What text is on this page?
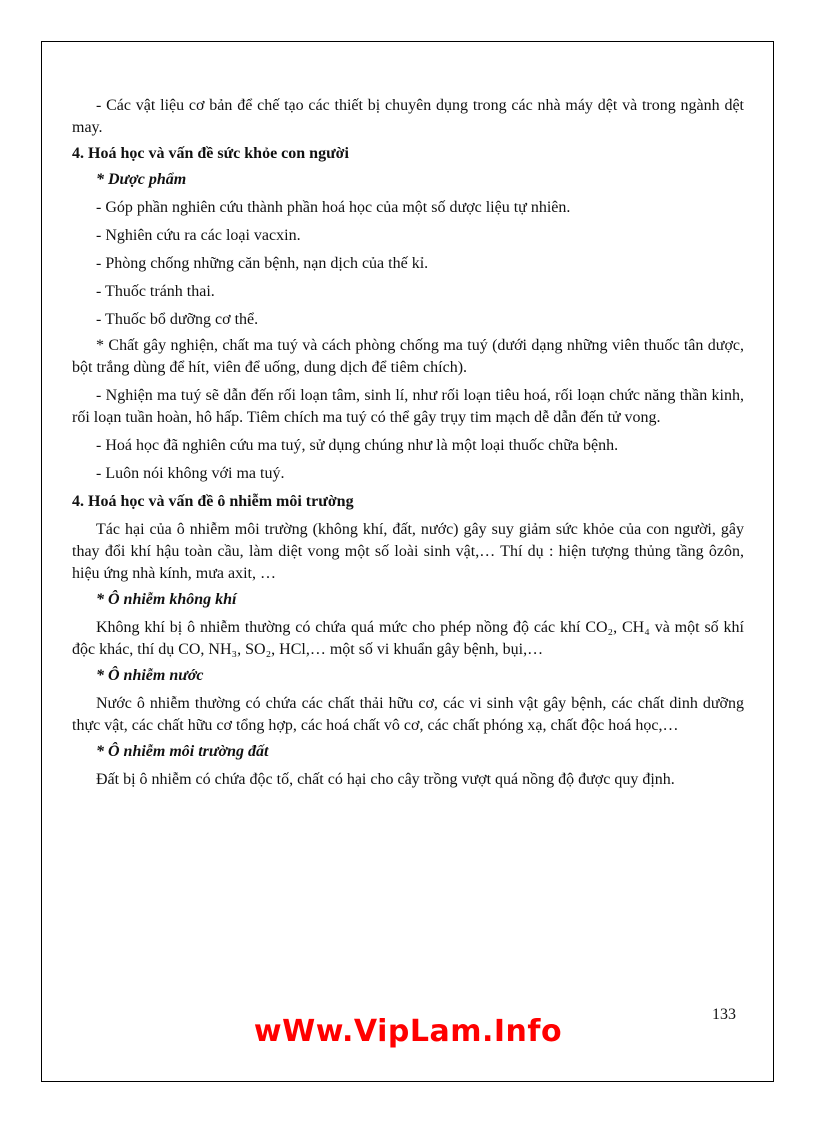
- Các vật liệu cơ bản để chế tạo các thiết bị chuyên dụng trong các nhà máy dệt và trong ngành dệt may.

4. Hoá học và vấn đề sức khỏe con người

* Dược phẩm

- Góp phần nghiên cứu thành phần hoá học của một số dược liệu tự nhiên.

- Nghiên cứu ra các loại vacxin.

- Phòng chống những căn bệnh, nạn dịch của thế kỉ.

- Thuốc tránh thai.

- Thuốc bổ dưỡng cơ thể.

* Chất gây nghiện, chất ma tuý và cách phòng chống ma tuý (dưới dạng những viên thuốc tân dược, bột trắng dùng để hít, viên để uống, dung dịch để tiêm chích).

- Nghiện ma tuý sẽ dẫn đến rối loạn tâm, sinh lí, như rối loạn tiêu hoá, rối loạn chức năng thần kinh, rối loạn tuần hoàn, hô hấp. Tiêm chích ma tuý có thể gây trụy tim mạch dễ dẫn đến tử vong.

- Hoá học đã nghiên cứu ma tuý, sử dụng chúng như là một loại thuốc chữa bệnh.

- Luôn nói không với ma tuý.

4. Hoá học và vấn đề ô nhiễm môi trường

Tác hại của ô nhiễm môi trường (không khí, đất, nước) gây suy giảm sức khỏe của con người, gây thay đổi khí hậu toàn cầu, làm diệt vong một số loài sinh vật,… Thí dụ : hiện tượng thủng tầng ôzôn, hiệu ứng nhà kính, mưa axit, …

* Ô nhiễm không khí

Không khí bị ô nhiễm thường có chứa quá mức cho phép nồng độ các khí CO₂, CH₄ và một số khí độc khác, thí dụ CO, NH₃, SO₂, HCl,… một số vi khuẩn gây bệnh, bụi,…

* Ô nhiễm nước

Nước ô nhiễm thường có chứa các chất thải hữu cơ, các vi sinh vật gây bệnh, các chất dinh dưỡng thực vật, các chất hữu cơ tổng hợp, các hoá chất vô cơ, các chất phóng xạ, chất độc hoá học,…

* Ô nhiễm môi trường đất

Đất bị ô nhiễm có chứa độc tố, chất có hại cho cây trồng vượt quá nồng độ được quy định.

133
wWw.VipLam.Info
